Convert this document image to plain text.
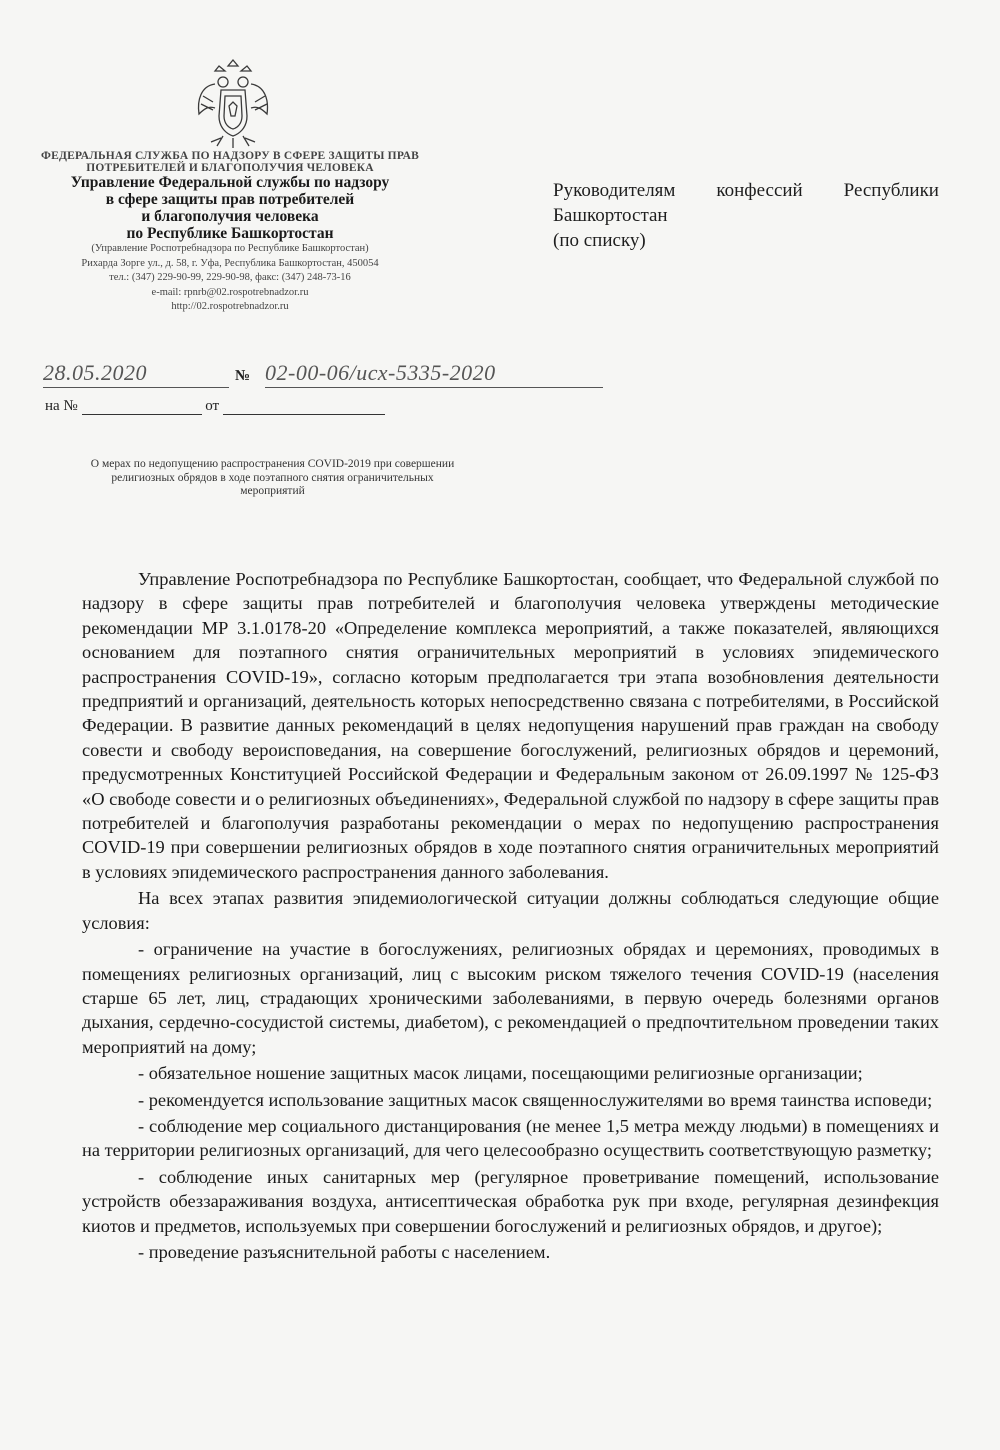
ФЕДЕРАЛЬНАЯ СЛУЖБА ПО НАДЗОРУ В СФЕРЕ ЗАЩИТЫ ПРАВ ПОТРЕБИТЕЛЕЙ И БЛАГОПОЛУЧИЯ ЧЕЛОВЕКА
Управление Федеральной службы по надзору
в сфере защиты прав потребителей
и благополучия человека
по Республике Башкортостан
(Управление Роспотребнадзора по Республике Башкортостан)
Рихарда Зорге ул., д. 58, г. Уфа, Республика Башкортостан, 450054
тел.: (347) 229-90-99, 229-90-98, факс: (347) 248-73-16
e-mail: rpnrb@02.rospotrebnadzor.ru
http://02.rospotrebnadzor.ru
Руководителям конфессий Республики
Башкортостан
(по списку)
28.05.2020	№ 02-00-06/исх-5335-2020
на №	от
О мерах по недопущению распространения COVID-2019 при совершении религиозных обрядов в ходе поэтапного снятия ограничительных мероприятий

Управление Роспотребнадзора по Республике Башкортостан, сообщает, что Федеральной службой по надзору в сфере защиты прав потребителей и благополучия человека утверждены методические рекомендации МР 3.1.0178-20 «Определение комплекса мероприятий, а также показателей, являющихся основанием для поэтапного снятия ограничительных мероприятий в условиях эпидемического распространения COVID-19», согласно которым предполагается три этапа возобновления деятельности предприятий и организаций, деятельность которых непосредственно связана с потребителями, в Российской Федерации. В развитие данных рекомендаций в целях недопущения нарушений прав граждан на свободу совести и свободу вероисповедания, на совершение богослужений, религиозных обрядов и церемоний, предусмотренных Конституцией Российской Федерации и Федеральным законом от 26.09.1997 № 125-ФЗ «О свободе совести и о религиозных объединениях», Федеральной службой по надзору в сфере защиты прав потребителей и благополучия разработаны рекомендации о мерах по недопущению распространения COVID-19 при совершении религиозных обрядов в ходе поэтапного снятия ограничительных мероприятий в условиях эпидемического распространения данного заболевания.

На всех этапах развития эпидемиологической ситуации должны соблюдаться следующие общие условия:

- ограничение на участие в богослужениях, религиозных обрядах и церемониях, проводимых в помещениях религиозных организаций, лиц с высоким риском тяжелого течения COVID-19 (населения старше 65 лет, лиц, страдающих хроническими заболеваниями, в первую очередь болезнями органов дыхания, сердечно-сосудистой системы, диабетом), с рекомендацией о предпочтительном проведении таких мероприятий на дому;

- обязательное ношение защитных масок лицами, посещающими религиозные организации;

- рекомендуется использование защитных масок священнослужителями во время таинства исповеди;

- соблюдение мер социального дистанцирования (не менее 1,5 метра между людьми) в помещениях и на территории религиозных организаций, для чего целесообразно осуществить соответствующую разметку;

- соблюдение иных санитарных мер (регулярное проветривание помещений, использование устройств обеззараживания воздуха, антисептическая обработка рук при входе, регулярная дезинфекция киотов и предметов, используемых при совершении богослужений и религиозных обрядов, и другое);

- проведение разъяснительной работы с населением.
